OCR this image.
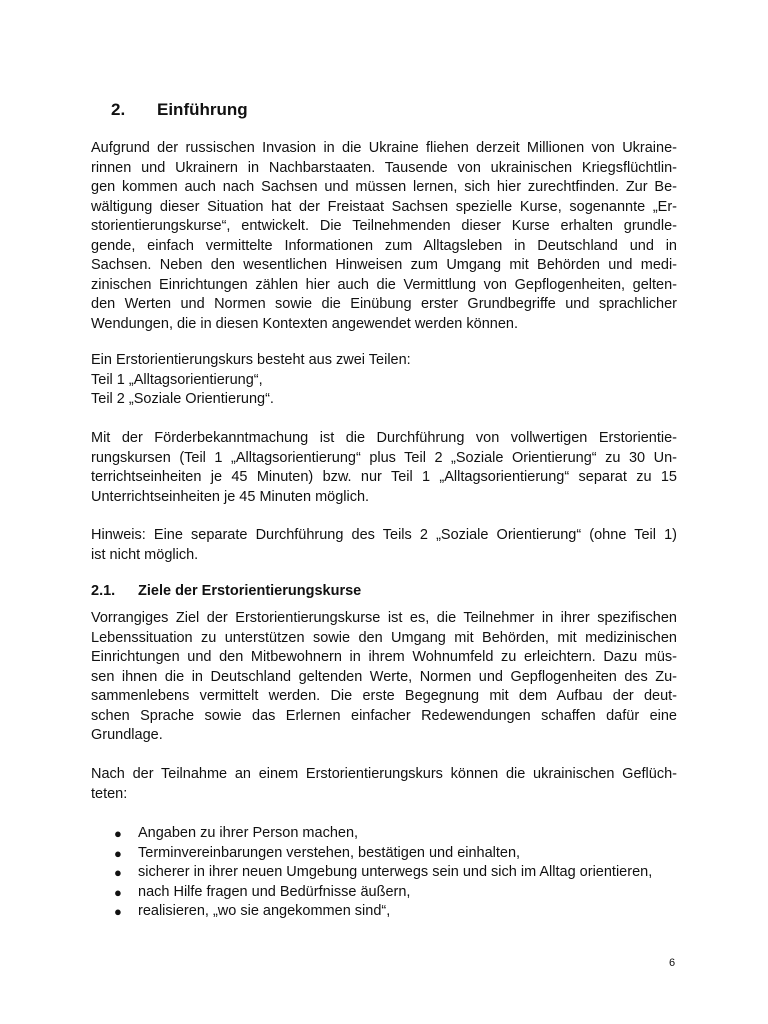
2.	Einführung
Aufgrund der russischen Invasion in die Ukraine fliehen derzeit Millionen von Ukraine-
rinnen und Ukrainern in Nachbarstaaten. Tausende von ukrainischen Kriegsflüchtlin-
gen kommen auch nach Sachsen und müssen lernen, sich hier zurechtfinden. Zur Be-
wältigung dieser Situation hat der Freistaat Sachsen spezielle Kurse, sogenannte „Er-
storientierungskurse“, entwickelt. Die Teilnehmenden dieser Kurse erhalten grundle-
gende, einfach vermittelte Informationen zum Alltagsleben in Deutschland und in
Sachsen. Neben den wesentlichen Hinweisen zum Umgang mit Behörden und medi-
zinischen Einrichtungen zählen hier auch die Vermittlung von Gepflogenheiten, gelten-
den Werten und Normen sowie die Einübung erster Grundbegriffe und sprachlicher
Wendungen, die in diesen Kontexten angewendet werden können.
Ein Erstorientierungskurs besteht aus zwei Teilen:
Teil 1 „Alltagsorientierung“,
Teil 2 „Soziale Orientierung“.
Mit der Förderbekanntmachung ist die Durchführung von vollwertigen Erstorientie-
rungskursen (Teil 1 „Alltagsorientierung“ plus Teil 2 „Soziale Orientierung“ zu 30 Un-
terrichtseinheiten je 45 Minuten) bzw. nur Teil 1 „Alltagsorientierung“ separat zu 15
Unterrichtseinheiten je 45 Minuten möglich.
Hinweis: Eine separate Durchführung des Teils 2 „Soziale Orientierung“ (ohne Teil 1)
ist nicht möglich.
2.1.	Ziele der Erstorientierungskurse
Vorrangiges Ziel der Erstorientierungskurse ist es, die Teilnehmer in ihrer spezifischen
Lebenssituation zu unterstützen sowie den Umgang mit Behörden, mit medizinischen
Einrichtungen und den Mitbewohnern in ihrem Wohnumfeld zu erleichtern. Dazu müs-
sen ihnen die in Deutschland geltenden Werte, Normen und Gepflogenheiten des Zu-
sammenlebens vermittelt werden. Die erste Begegnung mit dem Aufbau der deut-
schen Sprache sowie das Erlernen einfacher Redewendungen schaffen dafür eine
Grundlage.
Nach der Teilnahme an einem Erstorientierungskurs können die ukrainischen Geflüch-
teten:
● Angaben zu ihrer Person machen,
● Terminvereinbarungen verstehen, bestätigen und einhalten,
● sicherer in ihrer neuen Umgebung unterwegs sein und sich im Alltag orientieren,
● nach Hilfe fragen und Bedürfnisse äußern,
● realisieren, „wo sie angekommen sind“,
6
